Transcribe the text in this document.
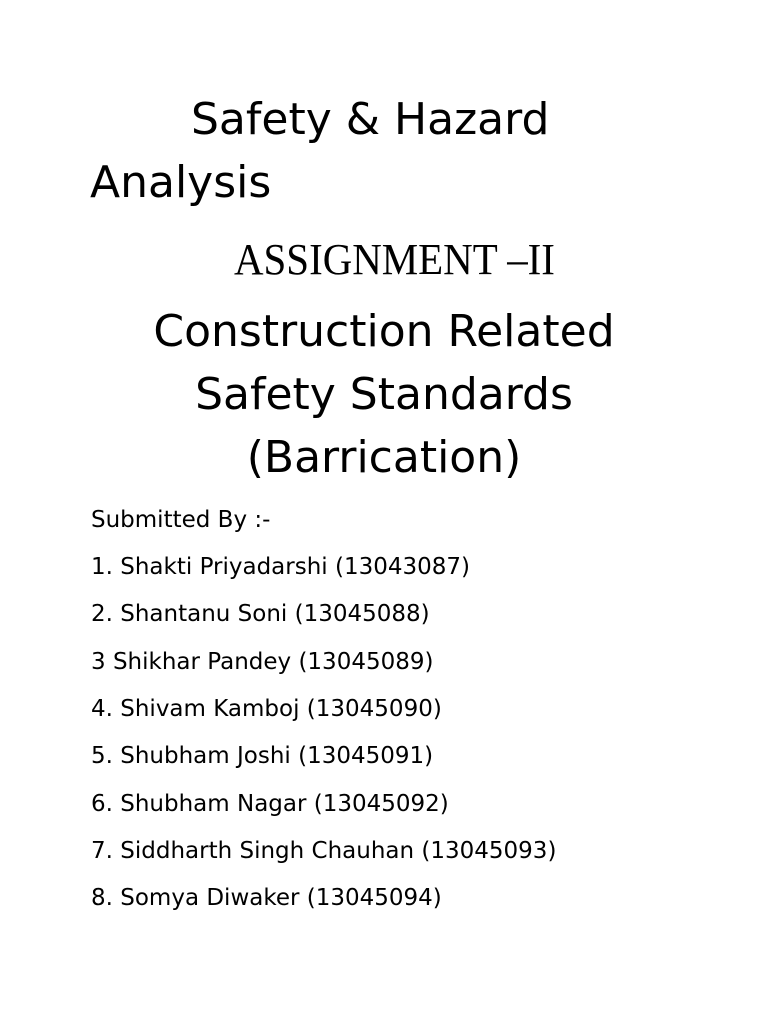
Safety & Hazard
Analysis
ASSIGNMENT –II
Construction Related
Safety Standards
(Barrication)
Submitted By :-
1. Shakti Priyadarshi (13043087)
2. Shantanu Soni (13045088)
3 Shikhar Pandey (13045089)
4. Shivam Kamboj (13045090)
5. Shubham Joshi (13045091)
6. Shubham Nagar (13045092)
7. Siddharth Singh Chauhan (13045093)
8. Somya Diwaker (13045094)
